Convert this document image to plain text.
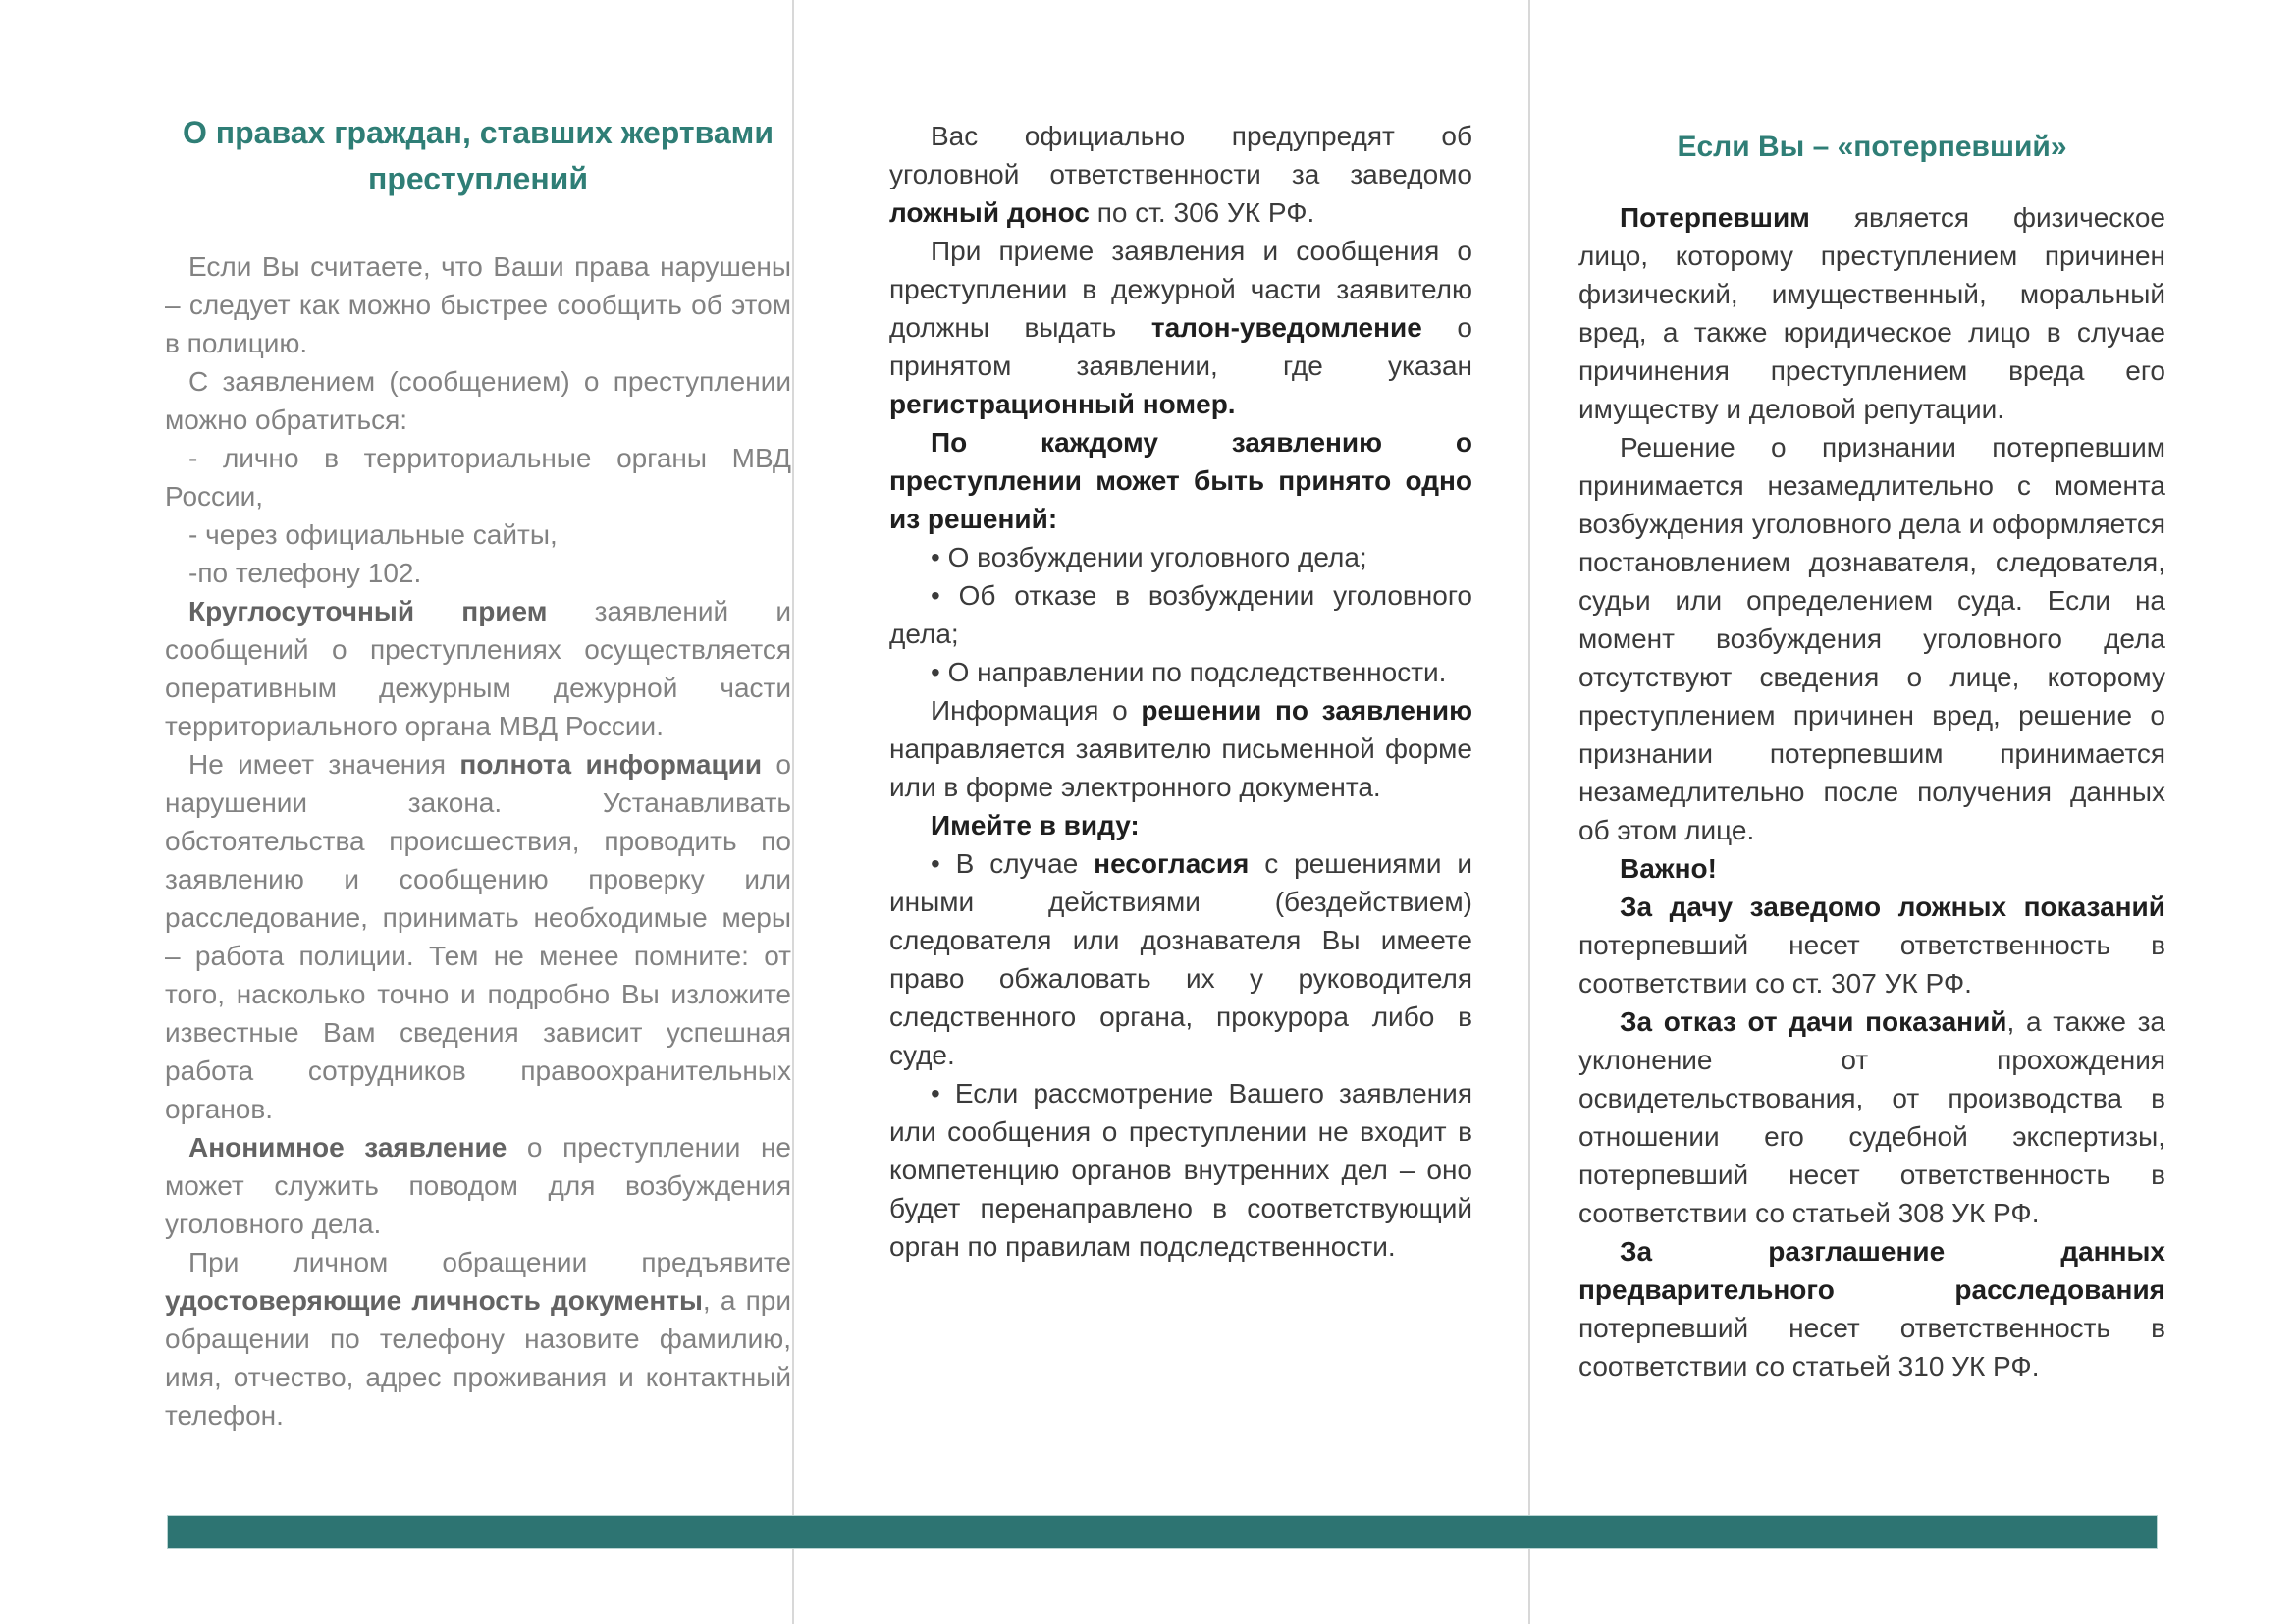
О правах граждан, ставших жертвами
преступлений

Если Вы считаете, что Ваши права нарушены – следует как можно быстрее сообщить об этом в полицию.

С заявлением (сообщением) о преступлении можно обратиться:

- лично в территориальные органы МВД России,

- через официальные сайты,

-по телефону 102.

Круглосуточный прием заявлений и сообщений о преступлениях осуществляется оперативным дежурным дежурной части территориального органа МВД России.

Не имеет значения полнота информации о нарушении закона. Устанавливать обстоятельства происшествия, проводить по заявлению и сообщению проверку или расследование, принимать необходимые меры – работа полиции. Тем не менее помните: от того, насколько точно и подробно Вы изложите известные Вам сведения зависит успешная работа сотрудников правоохранительных органов.

Анонимное заявление о преступлении не может служить поводом для возбуждения уголовного дела.

При личном обращении предъявите удостоверяющие личность документы, а при обращении по телефону назовите фамилию, имя, отчество, адрес проживания и контактный телефон.

Вас официально предупредят об уголовной ответственности за заведомо ложный донос по ст. 306 УК РФ.

При приеме заявления и сообщения о преступлении в дежурной части заявителю должны выдать талон-уведомление о принятом заявлении, где указан регистрационный номер.

По каждому заявлению о преступлении может быть принято одно из решений:

• О возбуждении уголовного дела;

• Об отказе в возбуждении уголовного дела;

• О направлении по подследственности.

Информация о решении по заявлению направляется заявителю письменной форме или в форме электронного документа.

Имейте в виду:

• В случае несогласия с решениями и иными действиями (бездействием) следователя или дознавателя Вы имеете право обжаловать их у руководителя следственного органа, прокурора либо в суде.

• Если рассмотрение Вашего заявления или сообщения о преступлении не входит в компетенцию органов внутренних дел – оно будет перенаправлено в соответствующий орган по правилам подследственности.

Если Вы – «потерпевший»

Потерпевшим является физическое лицо, которому преступлением причинен физический, имущественный, моральный вред, а также юридическое лицо в случае причинения преступлением вреда его имуществу и деловой репутации.

Решение о признании потерпевшим принимается незамедлительно с момента возбуждения уголовного дела и оформляется постановлением дознавателя, следователя, судьи или определением суда. Если на момент возбуждения уголовного дела отсутствуют сведения о лице, которому преступлением причинен вред, решение о признании потерпевшим принимается незамедлительно после получения данных об этом лице.

Важно!

За дачу заведомо ложных показаний потерпевший несет ответственность в соответствии со ст. 307 УК РФ.

За отказ от дачи показаний, а также за уклонение от прохождения освидетельствования, от производства в отношении его судебной экспертизы, потерпевший несет ответственность в соответствии со статьей 308 УК РФ.

За разглашение данных предварительного расследования потерпевший несет ответственность в соответствии со статьей 310 УК РФ.
